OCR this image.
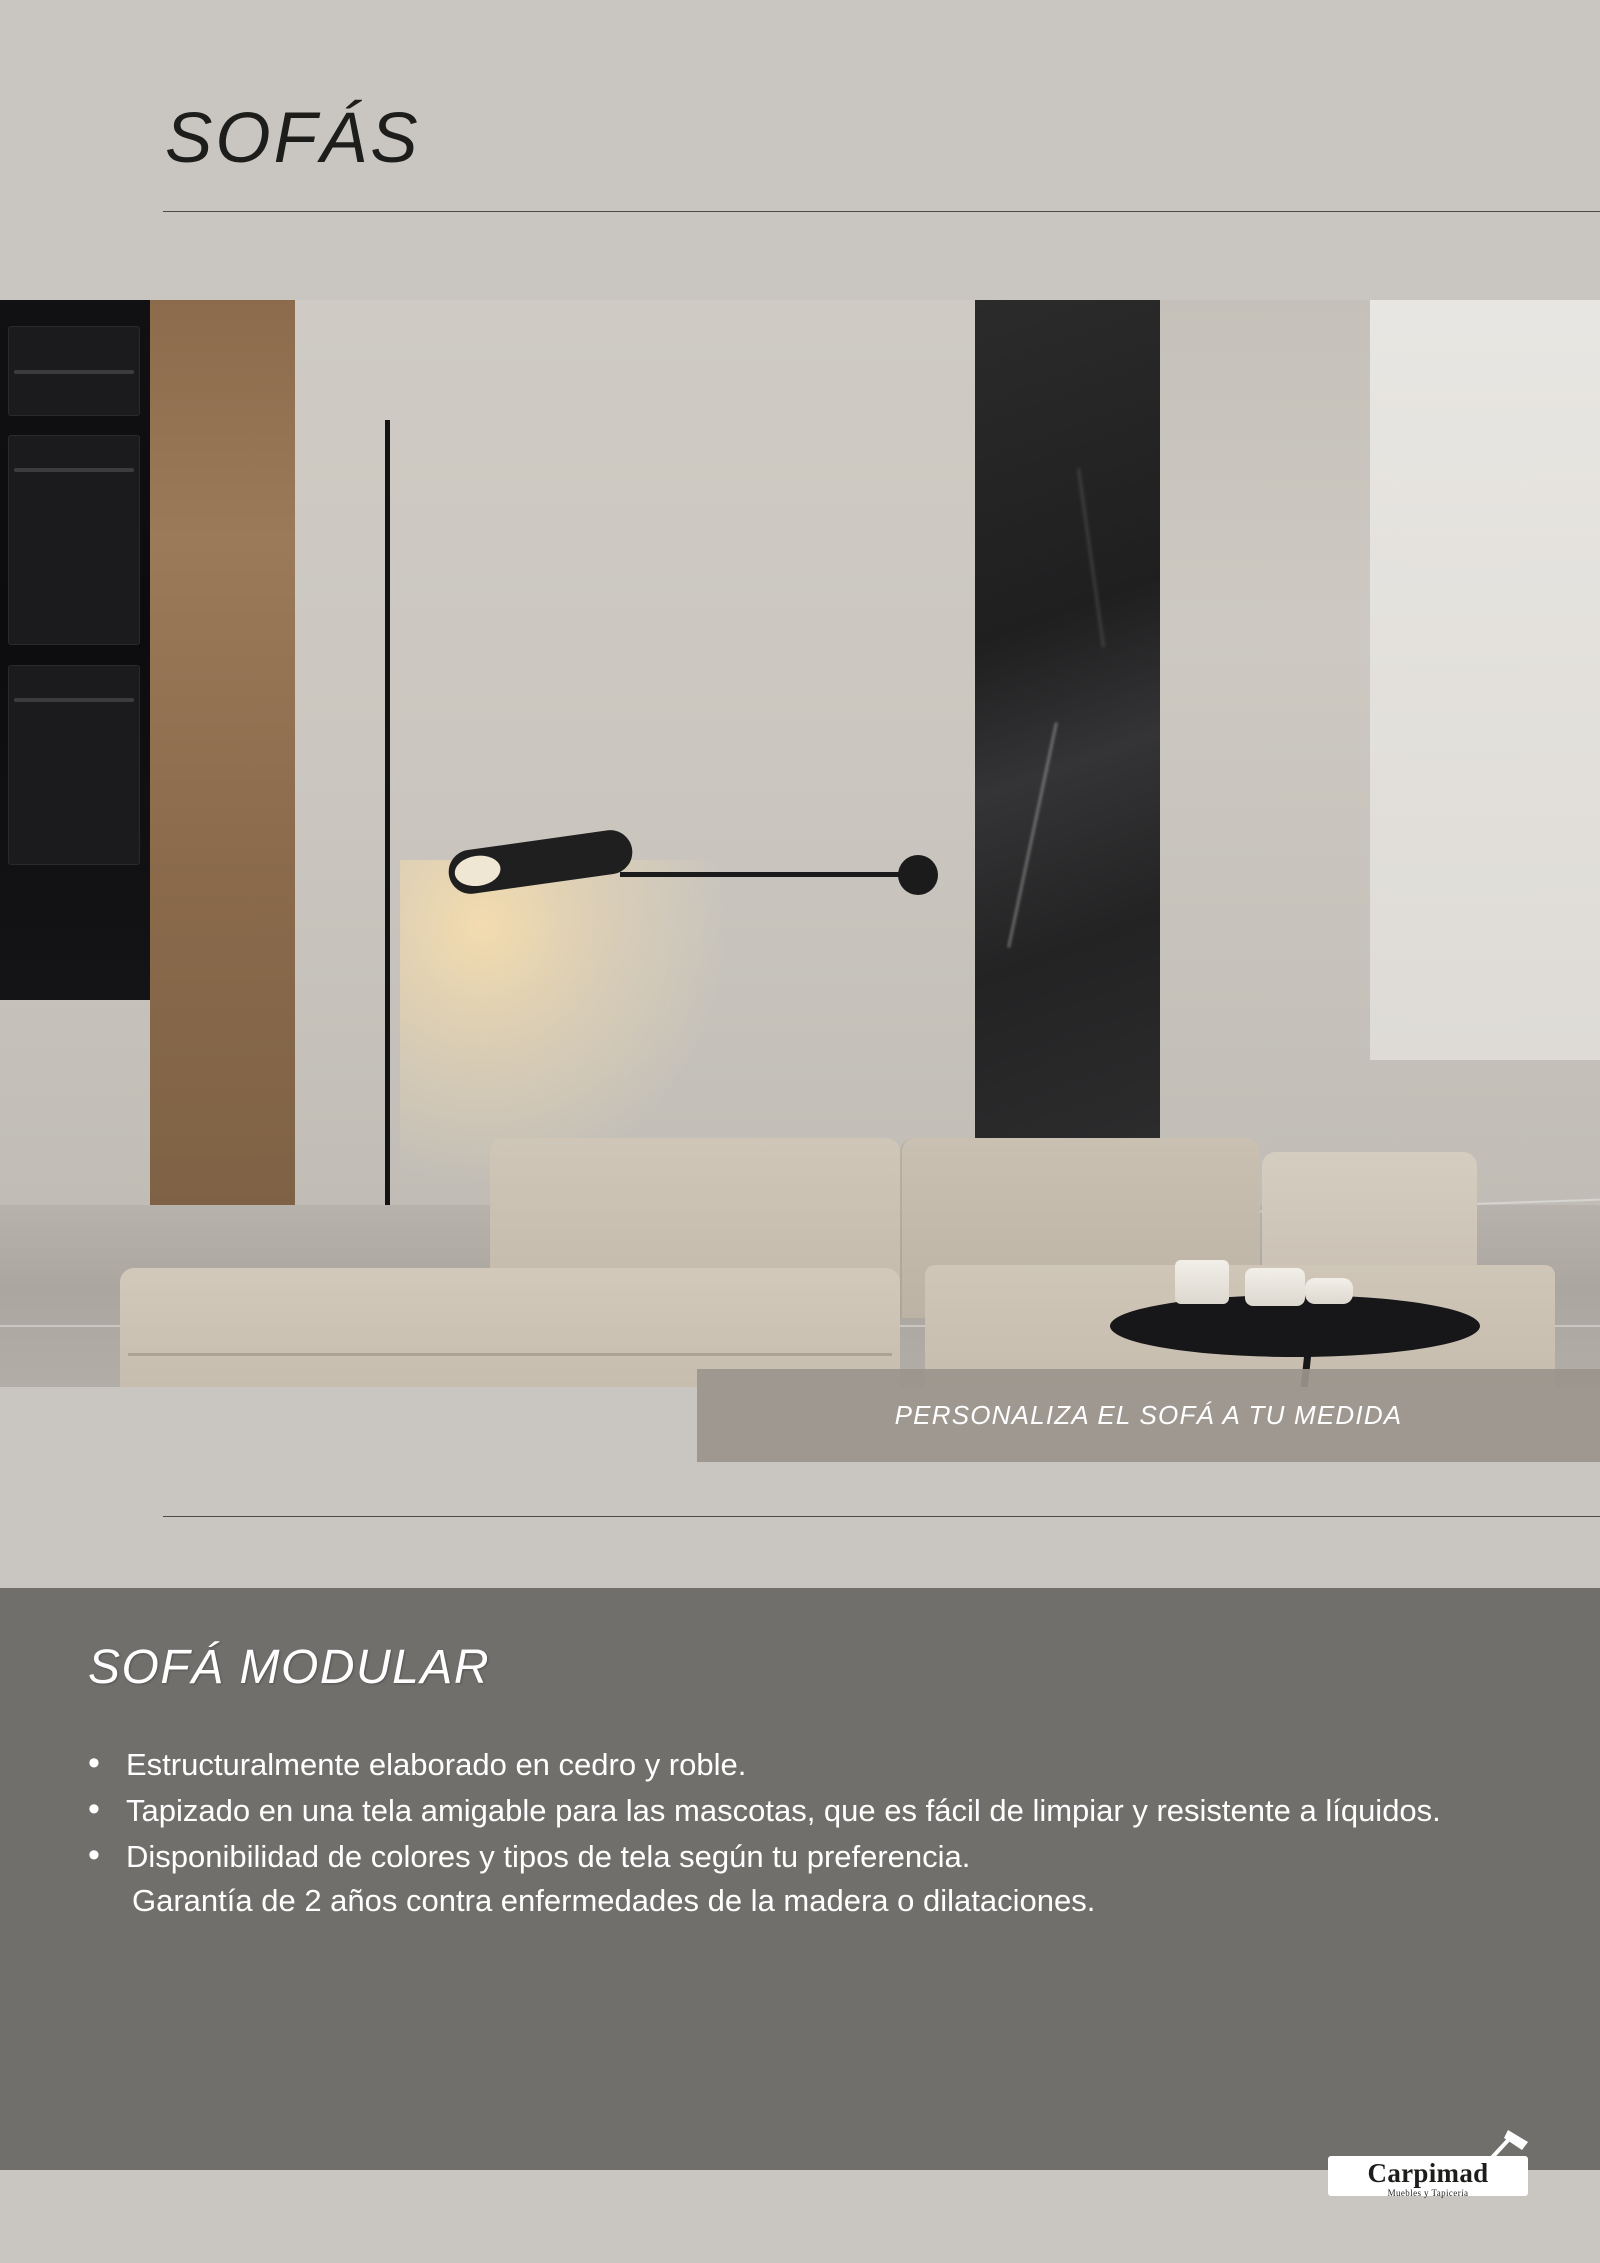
SOFÁS
PERSONALIZA EL SOFÁ A TU MEDIDA
SOFÁ MODULAR
• Estructuralmente elaborado en cedro y roble.
• Tapizado en una tela amigable para las mascotas, que es fácil de limpiar y resistente a líquidos.
• Disponibilidad de colores y tipos de tela según tu preferencia.
Garantía de 2 años contra enfermedades de la madera o dilataciones.
Carpimad
Muebles y Tapicería
